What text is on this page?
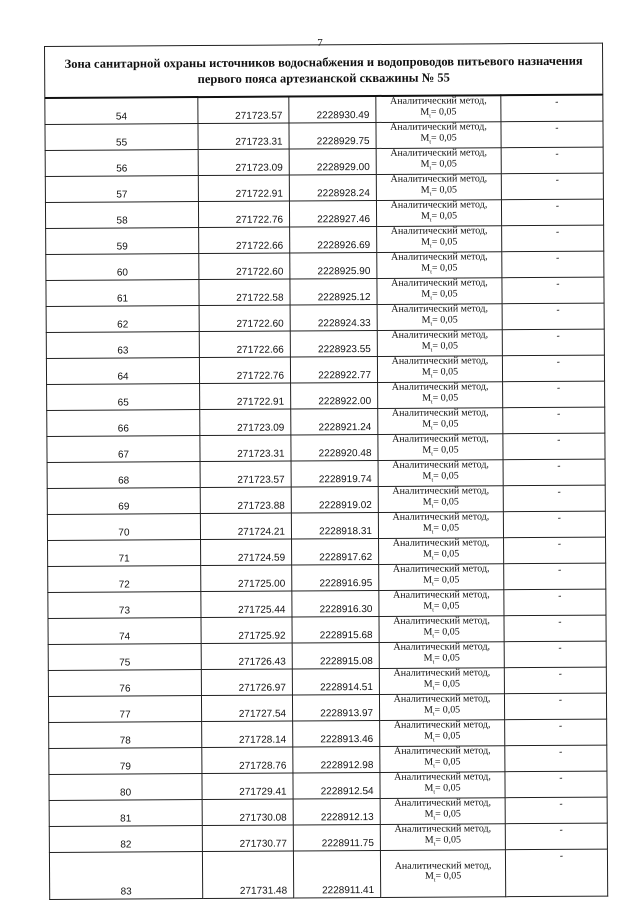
7
Зона санитарной охраны источников водоснабжения и водопроводов питьевого назначения
первого пояса артезианской скважины № 55				

54	271723.57	2228930.49	Аналитический метод,
$M_t= 0,05$	-
55	271723.31	2228929.75	Аналитический метод,
$M_t= 0,05$	-
56	271723.09	2228929.00	Аналитический метод,
$M_t= 0,05$	-
57	271722.91	2228928.24	Аналитический метод,
$M_t= 0,05$	-
58	271722.76	2228927.46	Аналитический метод,
$M_t= 0,05$	-
59	271722.66	2228926.69	Аналитический метод,
$M_t= 0,05$	-
60	271722.60	2228925.90	Аналитический метод,
$M_t= 0,05$	-
61	271722.58	2228925.12	Аналитический метод,
$M_t= 0,05$	-
62	271722.60	2228924.33	Аналитический метод,
$M_t= 0,05$	-
63	271722.66	2228923.55	Аналитический метод,
$M_t= 0,05$	-
64	271722.76	2228922.77	Аналитический метод,
$M_t= 0,05$	-
65	271722.91	2228922.00	Аналитический метод,
$M_t= 0,05$	-
66	271723.09	2228921.24	Аналитический метод,
$M_t= 0,05$	-
67	271723.31	2228920.48	Аналитический метод,
$M_t= 0,05$	-
68	271723.57	2228919.74	Аналитический метод,
$M_t= 0,05$	-
69	271723.88	2228919.02	Аналитический метод,
$M_t= 0,05$	-
70	271724.21	2228918.31	Аналитический метод,
$M_t= 0,05$	-
71	271724.59	2228917.62	Аналитический метод,
$M_t= 0,05$	-
72	271725.00	2228916.95	Аналитический метод,
$M_t= 0,05$	-
73	271725.44	2228916.30	Аналитический метод,
$M_t= 0,05$	-
74	271725.92	2228915.68	Аналитический метод,
$M_t= 0,05$	-
75	271726.43	2228915.08	Аналитический метод,
$M_t= 0,05$	-
76	271726.97	2228914.51	Аналитический метод,
$M_t= 0,05$	-
77	271727.54	2228913.97	Аналитический метод,
$M_t= 0,05$	-
78	271728.14	2228913.46	Аналитический метод,
$M_t= 0,05$	-
79	271728.76	2228912.98	Аналитический метод,
$M_t= 0,05$	-
80	271729.41	2228912.54	Аналитический метод,
$M_t= 0,05$	-
81	271730.08	2228912.13	Аналитический метод,
$M_t= 0,05$	-
82	271730.77	2228911.75	Аналитический метод,
$M_t= 0,05$	-
83	271731.48	2228911.41	Аналитический метод,
$M_t= 0,05$	-
